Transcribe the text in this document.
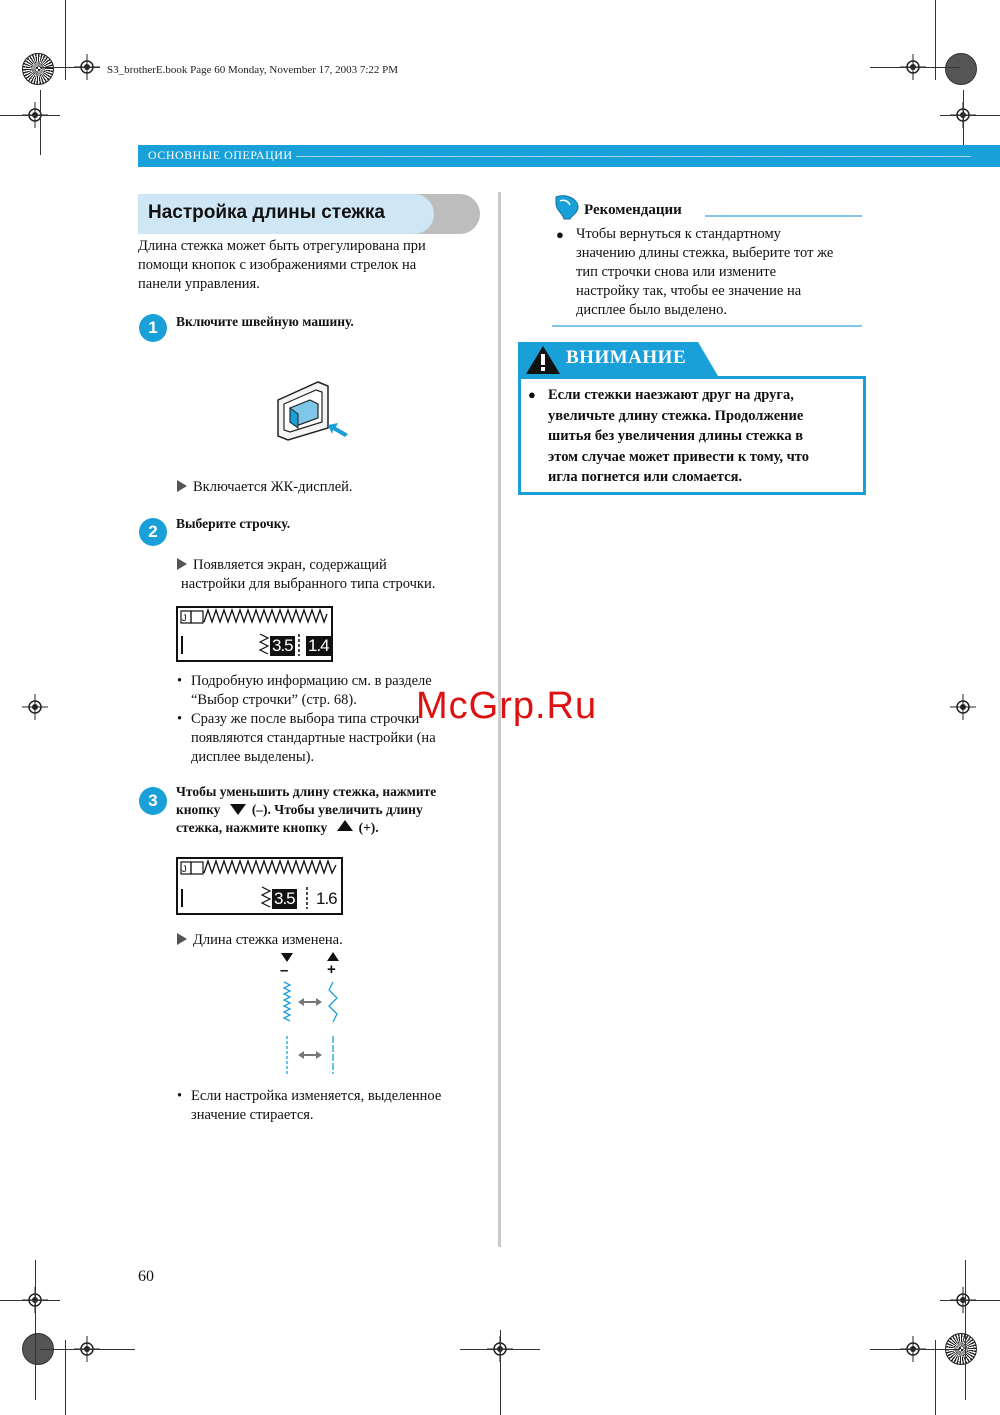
S3_brotherE.book Page 60 Monday, November 17, 2003 7:22 PM
ОСНОВНЫЕ ОПЕРАЦИИ ——————————————————————————————————————————————————————
Настройка длины стежка
Длина стежка может быть отрегулирована при
помощи кнопок с изображениями стрелок на
панели управления.
1	Включите швейную машину.
Включается ЖК-дисплей.
2	Выберите строчку.
Появляется экран, содержащий
настройки для выбранного типа строчки.
J
3.5 1.4
• Подробную информацию см. в разделе
“Выбор строчки” (стр. 68).
• Сразу же после выбора типа строчки
появляются стандартные настройки (на
дисплее выделены).
3	Чтобы уменьшить длину стежка, нажмите
кнопку (–). Чтобы увеличить длину
стежка, нажмите кнопку (+).
J
3.5 1.6
Длина стежка изменена.
–	+
• Если настройка изменяется, выделенное
значение стирается.
Рекомендации
● Чтобы вернуться к стандартному
значению длины стежка, выберите тот же
тип строчки снова или измените
настройку так, чтобы ее значение на
дисплее было выделено.
ВНИМАНИЕ
● Если стежки наезжают друг на друга,
увеличьте длину стежка. Продолжение
шитья без увеличения длины стежка в
этом случае может привести к тому, что
игла погнется или сломается.
McGrp.Ru
60
